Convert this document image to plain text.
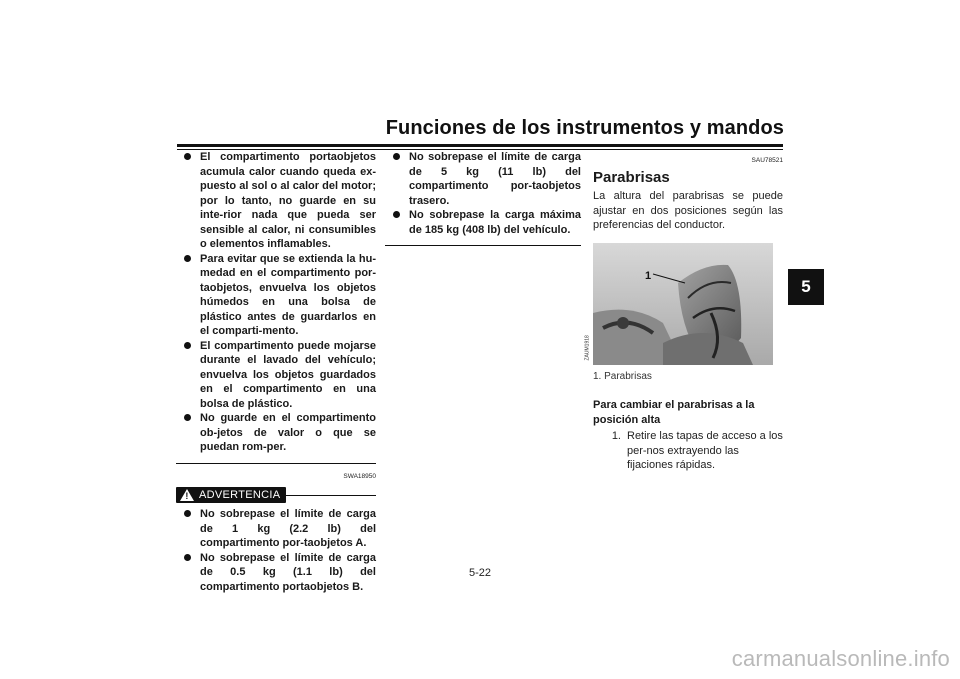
Funciones de los instrumentos y mandos
5
El compartimento portaobjetos acumula calor cuando queda ex-puesto al sol o al calor del motor; por lo tanto, no guarde en su inte-rior nada que pueda ser sensible al calor, ni consumibles o elementos inflamables.
Para evitar que se extienda la hu-medad en el compartimento por-taobjetos, envuelva los objetos húmedos en una bolsa de plástico antes de guardarlos en el comparti-mento.
El compartimento puede mojarse durante el lavado del vehículo; envuelva los objetos guardados en el compartimento en una bolsa de plástico.
No guarde en el compartimento ob-jetos de valor o que se puedan rom-per.
SWA18950
! ADVERTENCIA
No sobrepase el límite de carga de 1 kg (2.2 lb) del compartimento por-taobjetos A.
No sobrepase el límite de carga de 0.5 kg (1.1 lb) del compartimento portaobjetos B.
No sobrepase el límite de carga de 5 kg (11 lb) del compartimento por-taobjetos trasero.
No sobrepase la carga máxima de 185 kg (408 lb) del vehículo.
SAU78521
Parabrisas
La altura del parabrisas se puede ajustar en dos posiciones según las preferencias del conductor.
1
ZAUM1918
1. Parabrisas
Para cambiar el parabrisas a la posición alta
1. Retire las tapas de acceso a los per-nos extrayendo las fijaciones rápidas.
5-22
carmanualsonline.info
